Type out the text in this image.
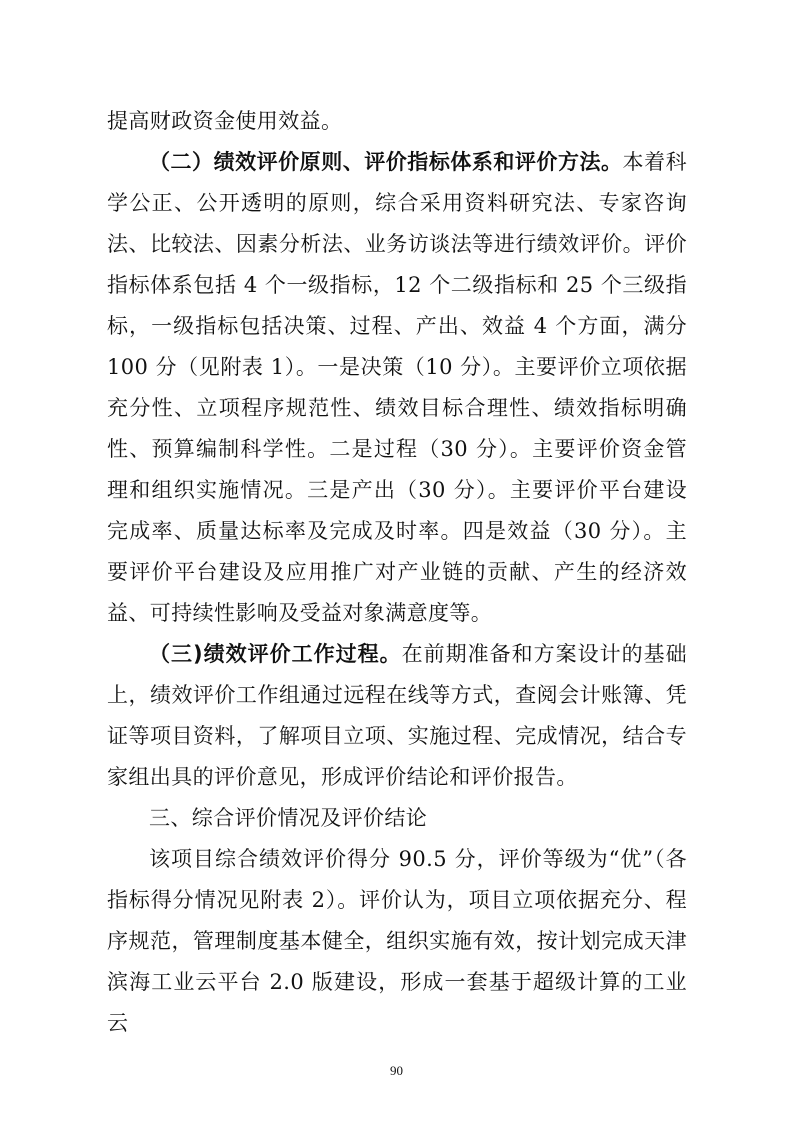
提高财政资金使用效益。

（二）绩效评价原则、评价指标体系和评价方法。本着科学公正、公开透明的原则，综合采用资料研究法、专家咨询法、比较法、因素分析法、业务访谈法等进行绩效评价。评价指标体系包括 4 个一级指标，12 个二级指标和 25 个三级指标，一级指标包括决策、过程、产出、效益 4 个方面，满分 100 分（见附表 1）。一是决策（10 分）。主要评价立项依据充分性、立项程序规范性、绩效目标合理性、绩效指标明确性、预算编制科学性。二是过程（30 分）。主要评价资金管理和组织实施情况。三是产出（30 分）。主要评价平台建设完成率、质量达标率及完成及时率。四是效益（30 分）。主要评价平台建设及应用推广对产业链的贡献、产生的经济效益、可持续性影响及受益对象满意度等。

（三)绩效评价工作过程。在前期准备和方案设计的基础上，绩效评价工作组通过远程在线等方式，查阅会计账簿、凭证等项目资料，了解项目立项、实施过程、完成情况，结合专家组出具的评价意见，形成评价结论和评价报告。

三、综合评价情况及评价结论

该项目综合绩效评价得分 90.5 分，评价等级为“优”（各指标得分情况见附表 2）。评价认为，项目立项依据充分、程序规范，管理制度基本健全，组织实施有效，按计划完成天津滨海工业云平台 2.0 版建设，形成一套基于超级计算的工业云

90
